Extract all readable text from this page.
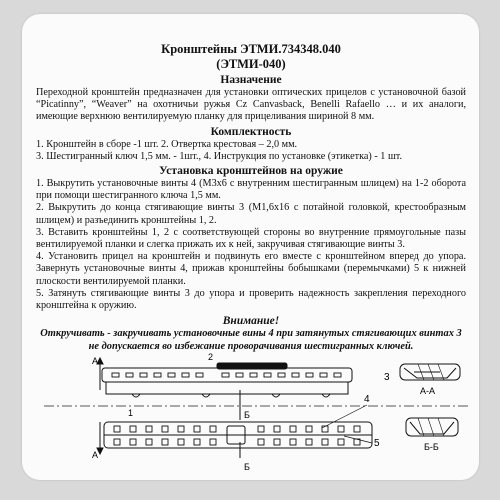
Кронштейны ЭТМИ.734348.040
(ЭТМИ-040)
Назначение
Переходной кронштейн предназначен для установки оптических прицелов с установочной базой “Picatinny”, “Weaver” на охотничьи ружья Cz Canvasback, Benelli Rafaello … и их аналоги, имеющие верхнюю вентилируемую планку для прицеливания шириной 8 мм.
Комплектность
1. Кронштейн в сборе -1 шт. 2. Отвертка крестовая – 2,0 мм.
3. Шестигранный ключ 1,5 мм. - 1шт., 4. Инструкция по установке (этикетка) - 1 шт.
Установка кронштейнов на оружие
1. Выкрутить установочные винты 4 (М3х6 с внутренним шестигранным шлицем) на 1-2 оборота при помощи шестигранного ключа 1,5 мм.
2. Выкрутить до конца стягивающие винты 3 (М1,6х16 с потайной головкой, крестообразным шлицем) и разъединить кронштейны 1, 2.
3. Вставить кронштейны 1, 2 с соответствующей стороны во внутренние прямоугольные пазы вентилируемой планки и слегка прижать их к ней, закручивая стягивающие винты 3.
4. Установить прицел на кронштейн и подвинуть его вместе с кронштейном вперед до упора. Завернуть установочные винты 4, прижав кронштейны бобышками (перемычками) 5 к нижней плоскости вентилируемой планки.
5. Затянуть стягивающие винты 3 до упора и проверить надежность закрепления переходного кронштейна к оружию.
Внимание!
Откручивать - закручивать установочные вины 4 при затянутых стягивающих винтах 3 не допускается во избежание проворачивания шестигранных ключей.
А
А
Б
Б
1
2
3
4
5
А-А
Б-Б
